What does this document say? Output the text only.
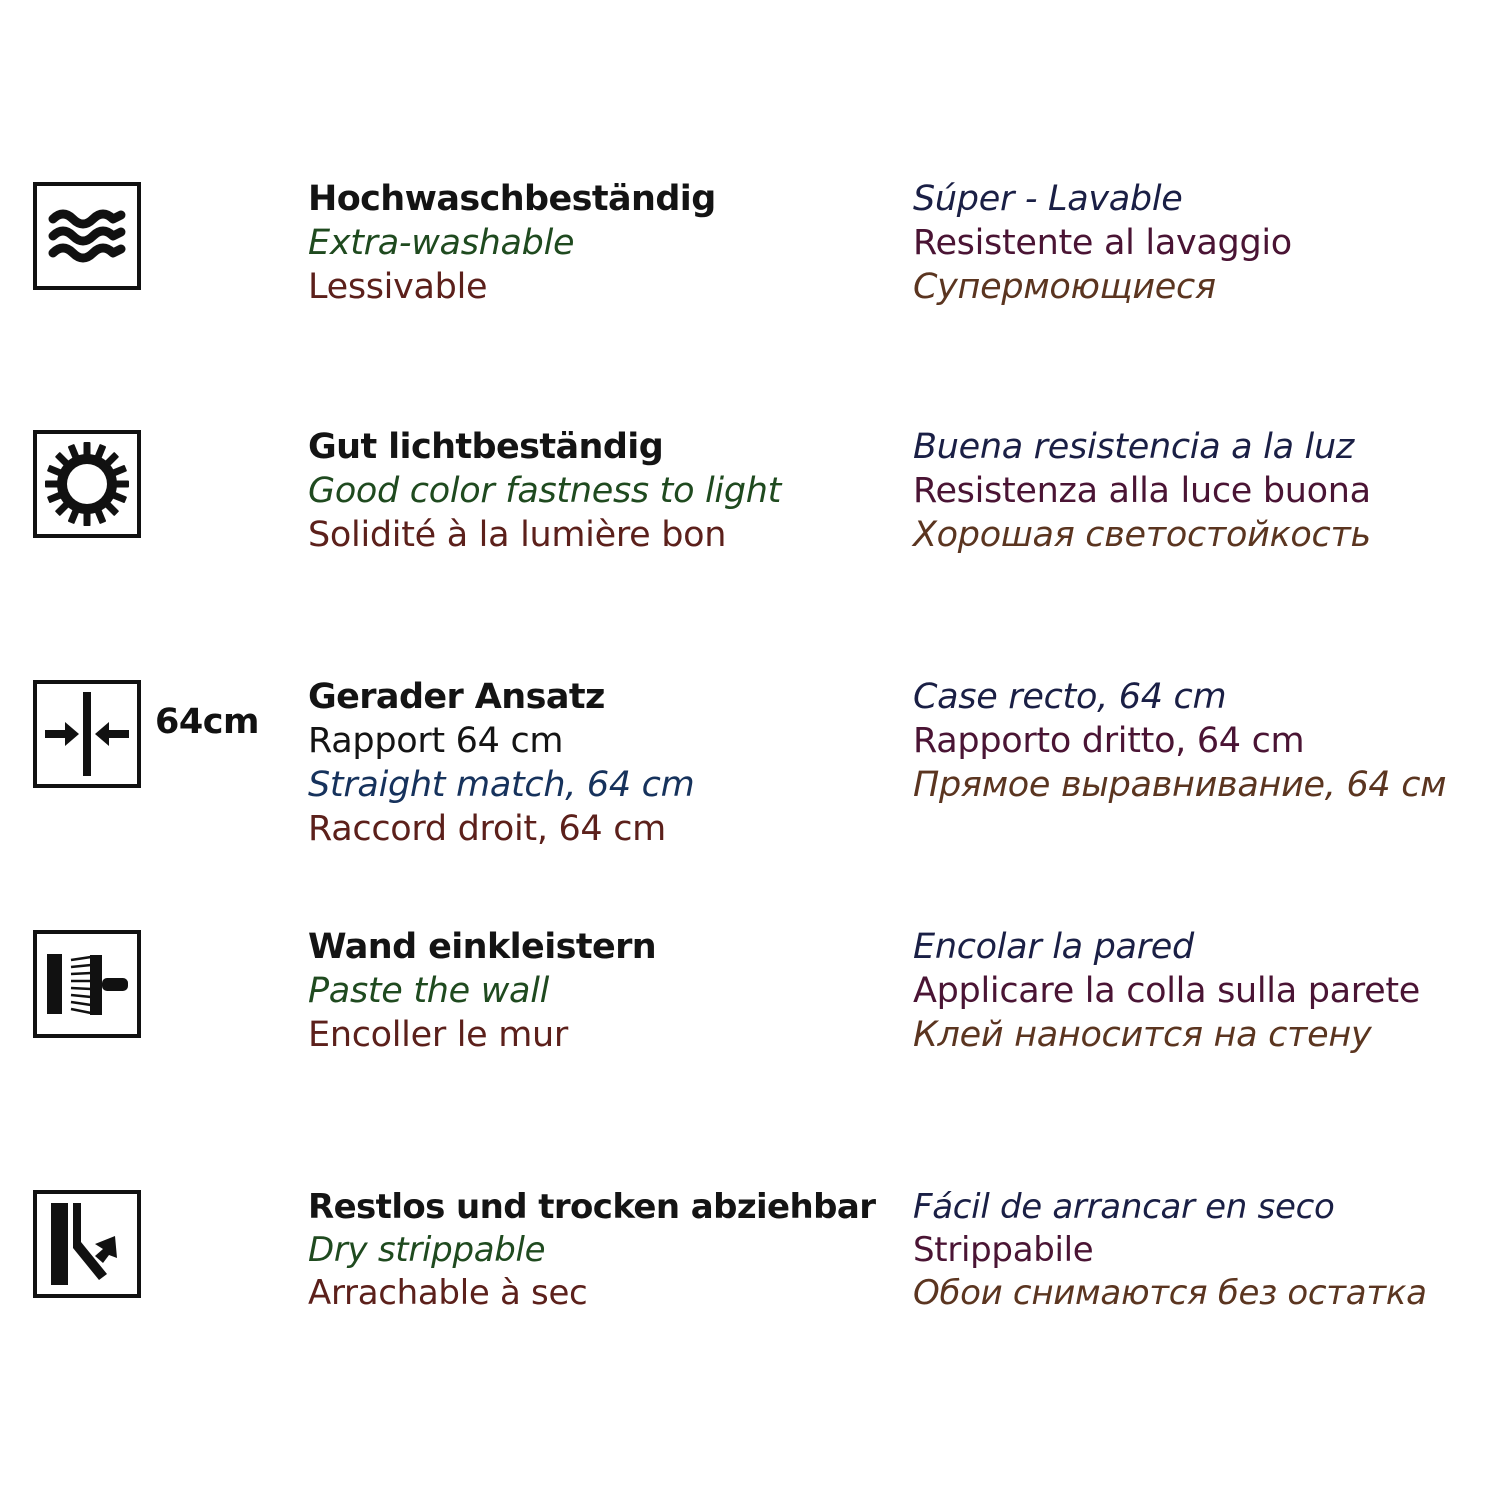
Hochwaschbeständig
Extra-washable
Lessivable
Súper - Lavable
Resistente al lavaggio
Супермоющиеся
Gut lichtbeständig
Good color fastness to light
Solidité à la lumière bon
Buena resistencia a la luz
Resistenza alla luce buona
Хорошая светостойкость
64cm
Gerader Ansatz
Rapport 64 cm
Straight match, 64 cm
Raccord droit, 64 cm
Case recto, 64 cm
Rapporto dritto, 64 cm
Прямое выравнивание, 64 см
Wand einkleistern
Paste the wall
Encoller le mur
Encolar la pared
Applicare la colla sulla parete
Клей наносится на стену
Restlos und trocken abziehbar
Dry strippable
Arrachable à sec
Fácil de arrancar en seco
Strippabile
Обои снимаются без остатка
